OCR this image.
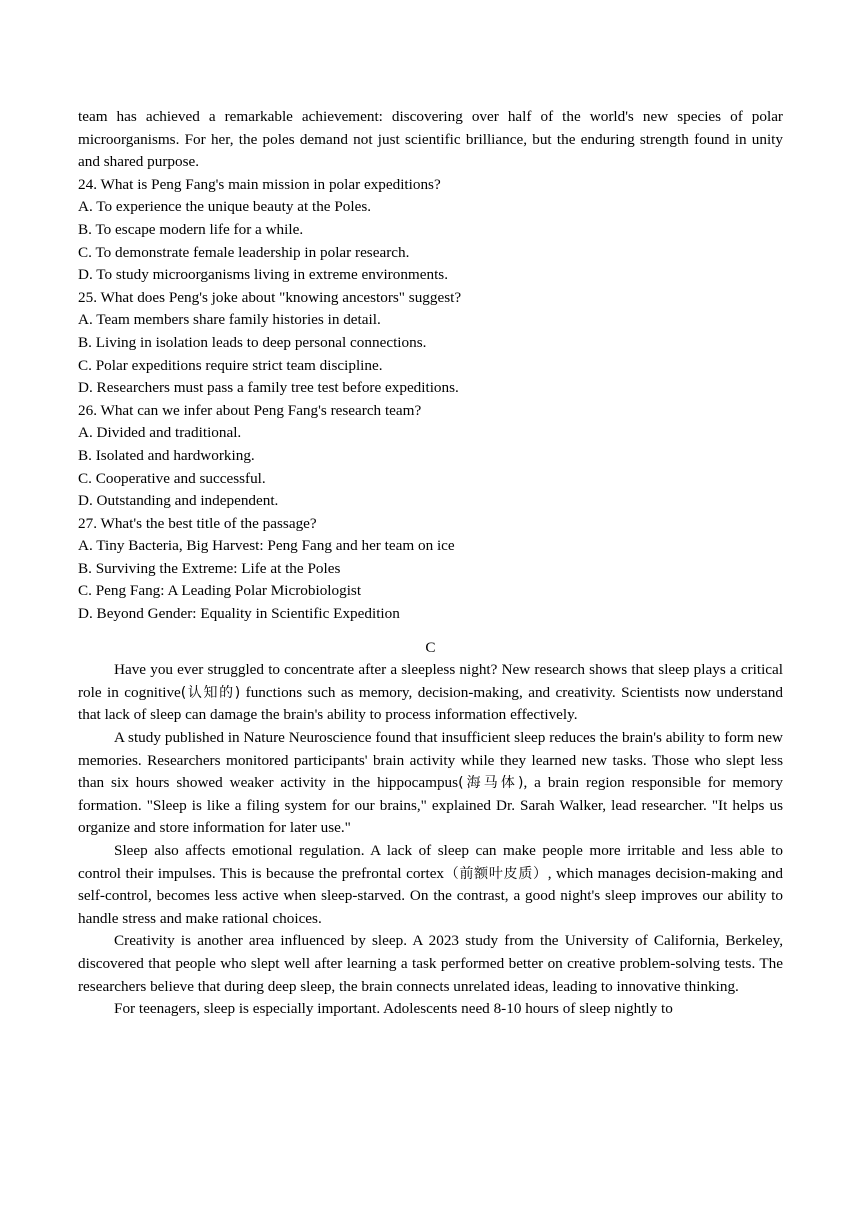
team has achieved a remarkable achievement: discovering over half of the world's new species of polar microorganisms. For her, the poles demand not just scientific brilliance, but the enduring strength found in unity and shared purpose.

24. What is Peng Fang's main mission in polar expeditions?
A. To experience the unique beauty at the Poles.
B. To escape modern life for a while.
C. To demonstrate female leadership in polar research.
D. To study microorganisms living in extreme environments.
25. What does Peng's joke about "knowing ancestors" suggest?
A. Team members share family histories in detail.
B. Living in isolation leads to deep personal connections.
C. Polar expeditions require strict team discipline.
D. Researchers must pass a family tree test before expeditions.
26. What can we infer about Peng Fang's research team?
A. Divided and traditional.
B. Isolated and hardworking.
C. Cooperative and successful.
D. Outstanding and independent.
27. What's the best title of the passage?
A. Tiny Bacteria, Big Harvest: Peng Fang and her team on ice
B. Surviving the Extreme: Life at the Poles
C. Peng Fang: A Leading Polar Microbiologist
D. Beyond Gender: Equality in Scientific Expedition
C

Have you ever struggled to concentrate after a sleepless night? New research shows that sleep plays a critical role in cognitive(认知的) functions such as memory, decision-making, and creativity. Scientists now understand that lack of sleep can damage the brain's ability to process information effectively.

A study published in Nature Neuroscience found that insufficient sleep reduces the brain's ability to form new memories. Researchers monitored participants' brain activity while they learned new tasks. Those who slept less than six hours showed weaker activity in the hippocampus(海马体), a brain region responsible for memory formation. "Sleep is like a filing system for our brains," explained Dr. Sarah Walker, lead researcher. "It helps us organize and store information for later use."

Sleep also affects emotional regulation. A lack of sleep can make people more irritable and less able to control their impulses. This is because the prefrontal cortex（前额叶皮质）, which manages decision-making and self-control, becomes less active when sleep-starved. On the contrast, a good night's sleep improves our ability to handle stress and make rational choices.

Creativity is another area influenced by sleep. A 2023 study from the University of California, Berkeley, discovered that people who slept well after learning a task performed better on creative problem-solving tests. The researchers believe that during deep sleep, the brain connects unrelated ideas, leading to innovative thinking.

For teenagers, sleep is especially important. Adolescents need 8-10 hours of sleep nightly to
